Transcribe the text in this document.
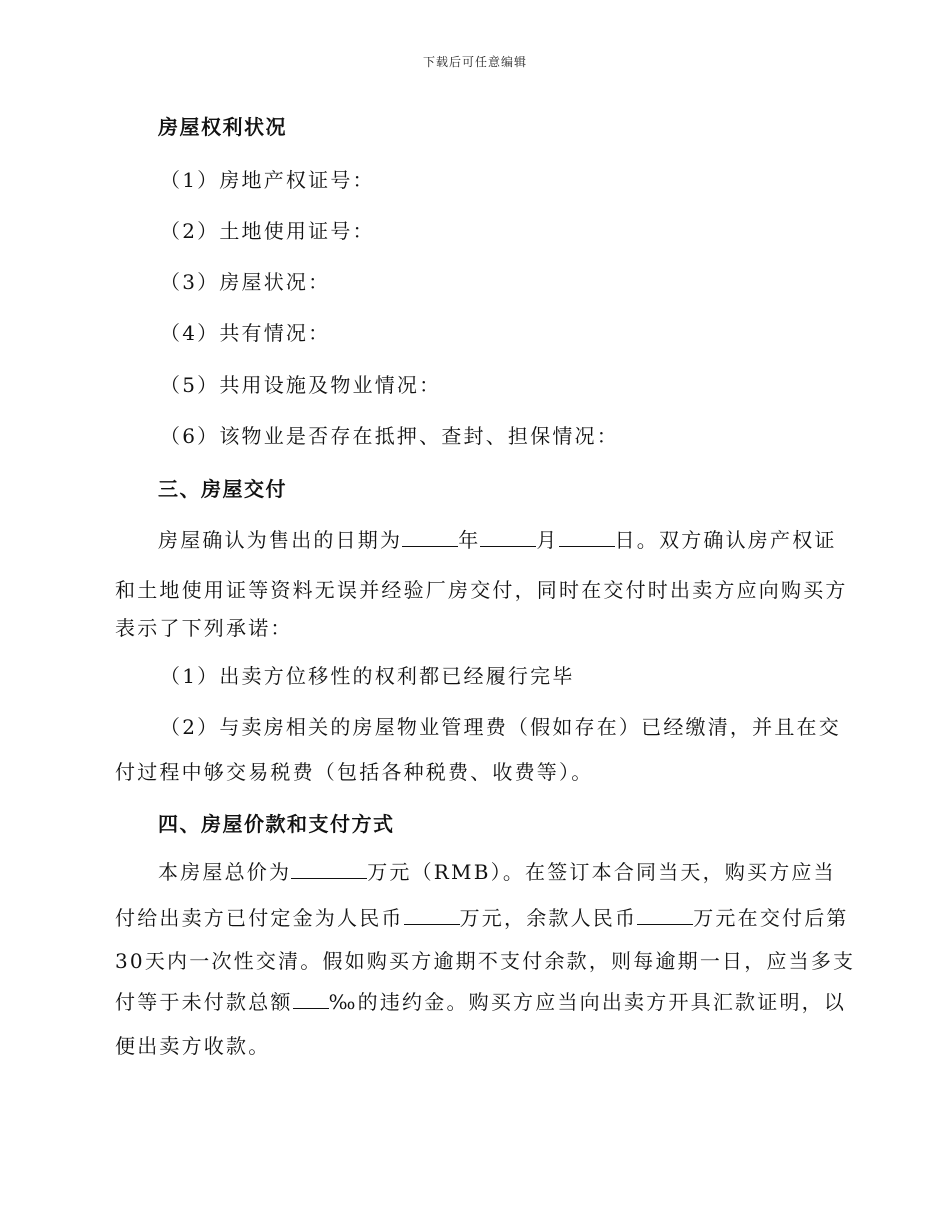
下载后可任意编辑
房屋权利状况
（1）房地产权证号：
（2）土地使用证号：
（3）房屋状况：
（4）共有情况：
（5）共用设施及物业情况：
（6）该物业是否存在抵押、查封、担保情况：
三、房屋交付
房屋确认为售出的日期为	年	月	日。双方确认房产权证
和土地使用证等资料无误并经验厂房交付，同时在交付时出卖方应向购买方
表示了下列承诺：
（1）出卖方位移性的权利都已经履行完毕
（2）与卖房相关的房屋物业管理费（假如存在）已经缴清，并且在交
付过程中够交易税费（包括各种税费、收费等）。
四、房屋价款和支付方式
本房屋总价为	万元（RMB）。在签订本合同当天，购买方应当
付给出卖方已付定金为人民币	万元，余款人民币	万元在交付后第
30天内一次性交清。假如购买方逾期不支付余款，则每逾期一日，应当多支
付等于未付款总额 ‰的违约金。购买方应当向出卖方开具汇款证明，以
便出卖方收款。
